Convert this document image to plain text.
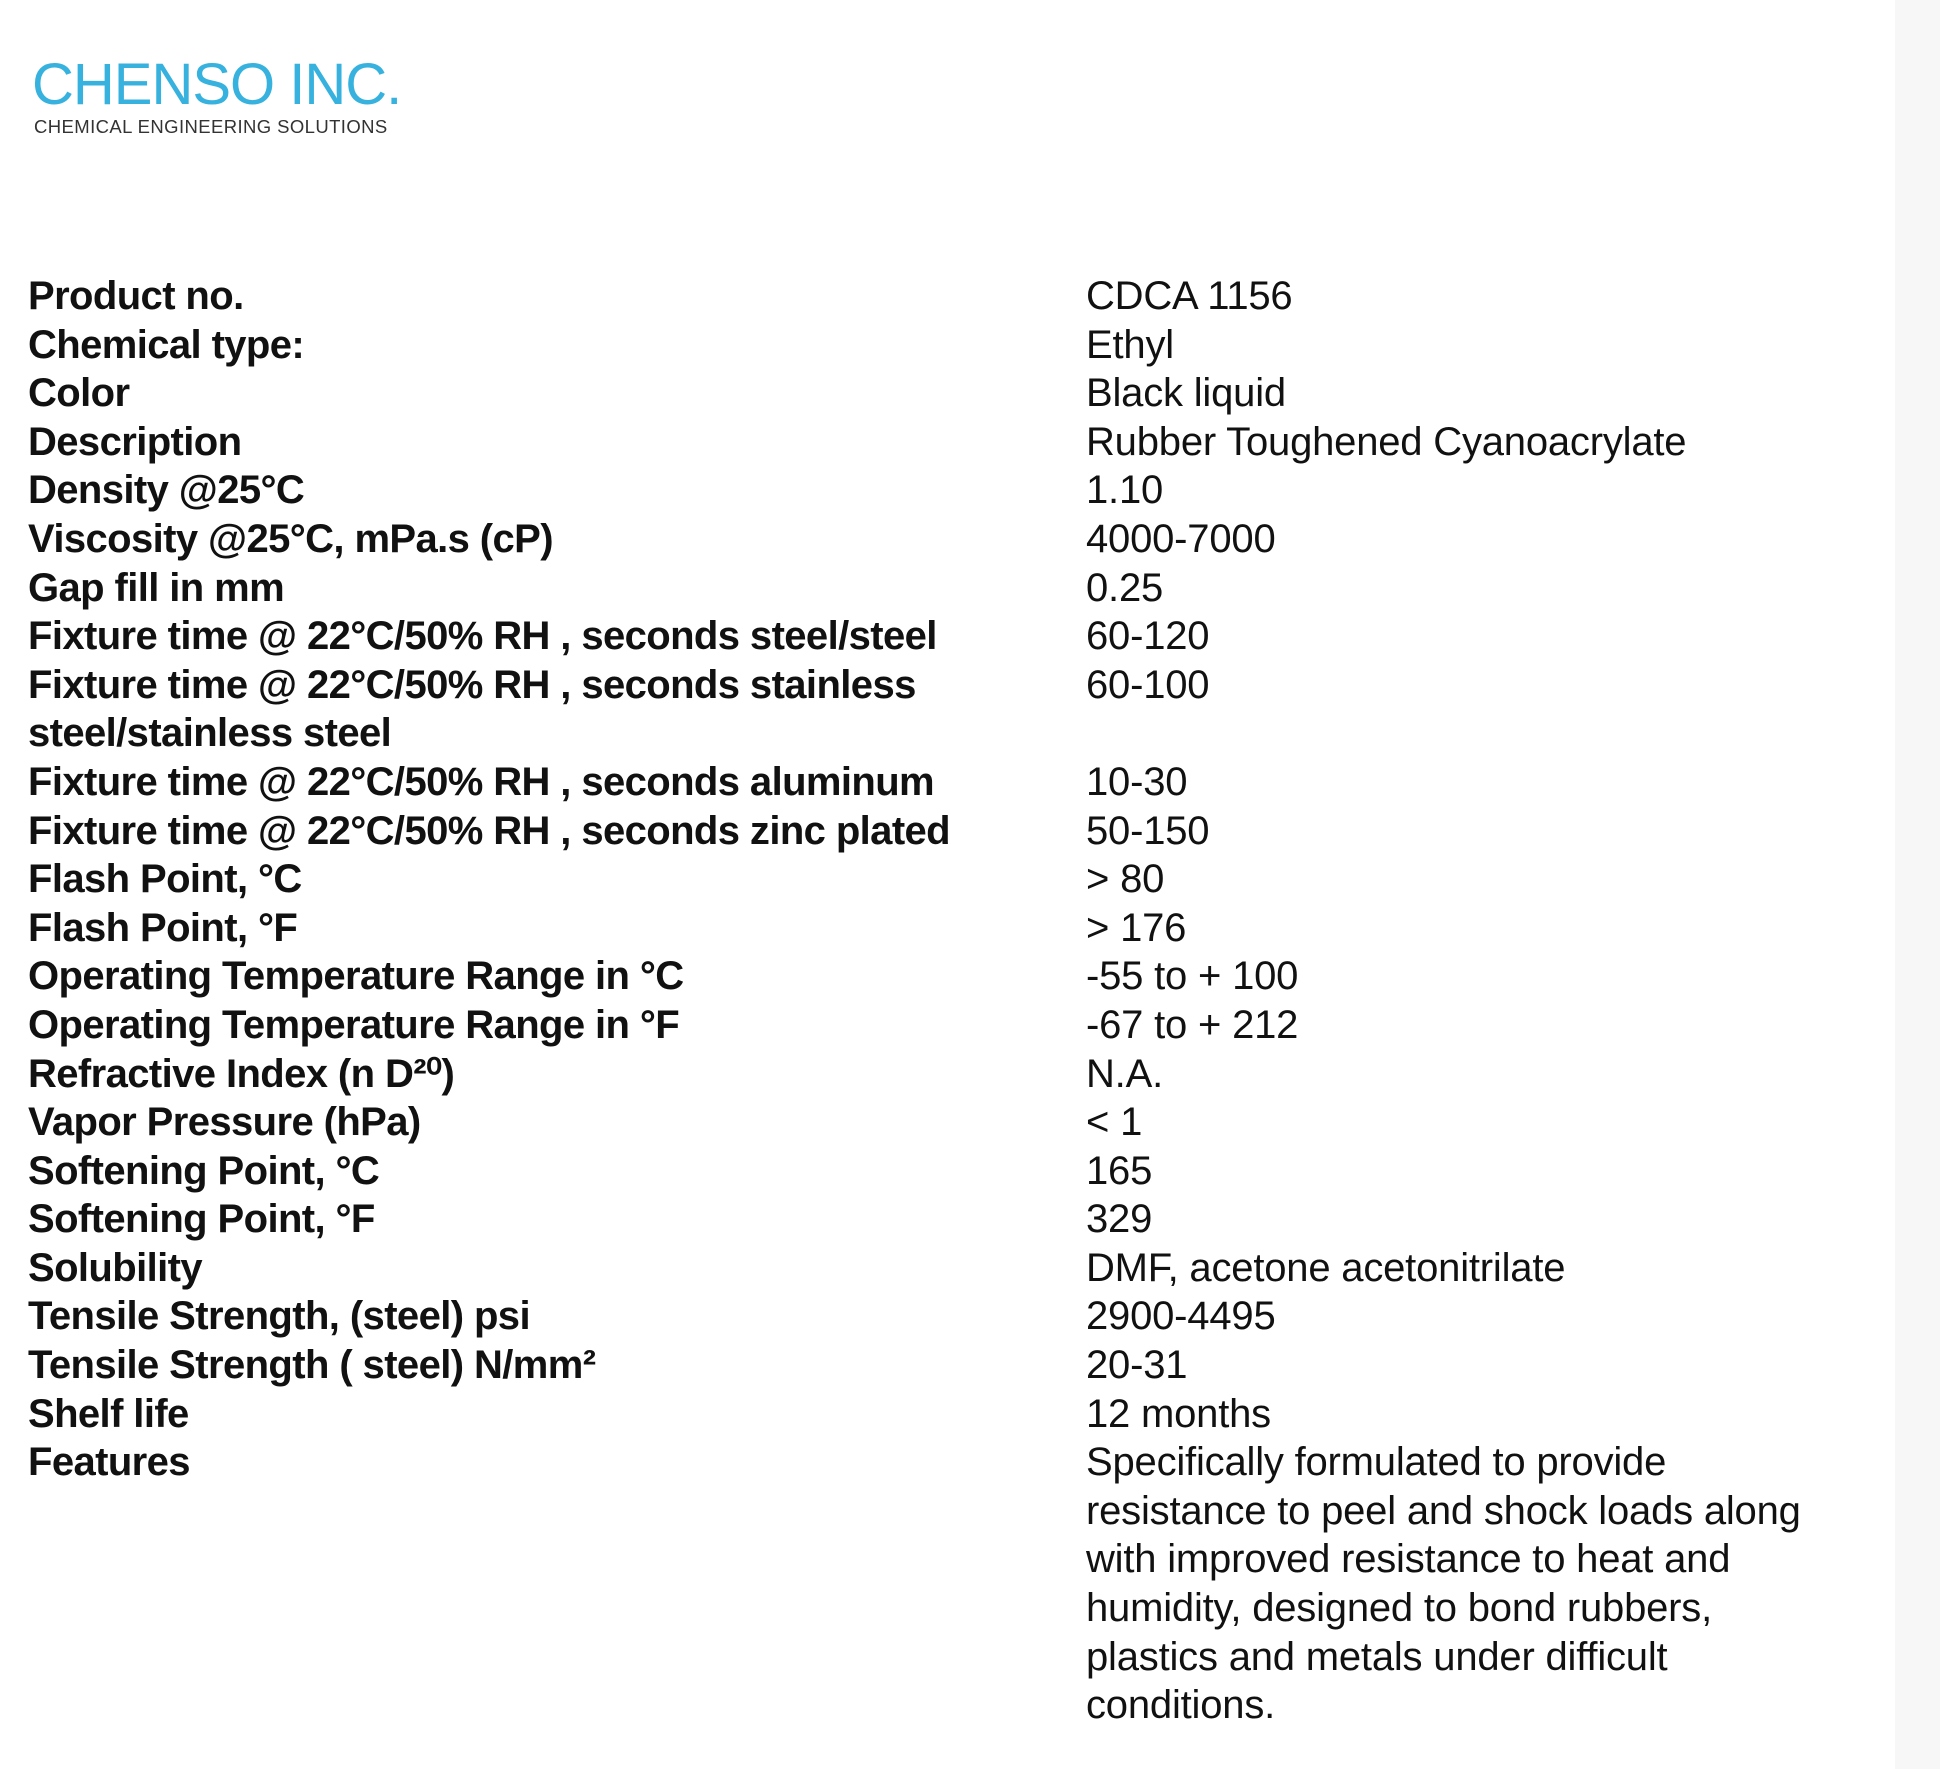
CHENSO INC.
CHEMICAL ENGINEERING SOLUTIONS
Product no.	CDCA 1156
Chemical type:	Ethyl
Color	Black liquid
Description	Rubber Toughened Cyanoacrylate
Density @25°C	1.10
Viscosity @25°C, mPa.s (cP)	4000-7000
Gap fill in mm	0.25
Fixture time @ 22°C/50% RH , seconds steel/steel	60-120
Fixture time @ 22°C/50% RH , seconds stainless steel/stainless steel	60-100
Fixture time @ 22°C/50% RH , seconds aluminum	10-30
Fixture time @ 22°C/50% RH , seconds zinc plated	50-150
Flash Point, °C	> 80
Flash Point, °F	> 176
Operating Temperature Range in °C	-55 to + 100
Operating Temperature Range in °F	-67 to + 212
Refractive Index (n D²⁰)	N.A.
Vapor Pressure (hPa)	< 1
Softening Point, °C	165
Softening Point, °F	329
Solubility	DMF, acetone acetonitrilate
Tensile Strength, (steel) psi	2900-4495
Tensile Strength ( steel) N/mm²	20-31
Shelf life	12 months
Features	Specifically formulated to provide resistance to peel and shock loads along with improved resistance to heat and humidity, designed to bond rubbers, plastics and metals under difficult conditions.
